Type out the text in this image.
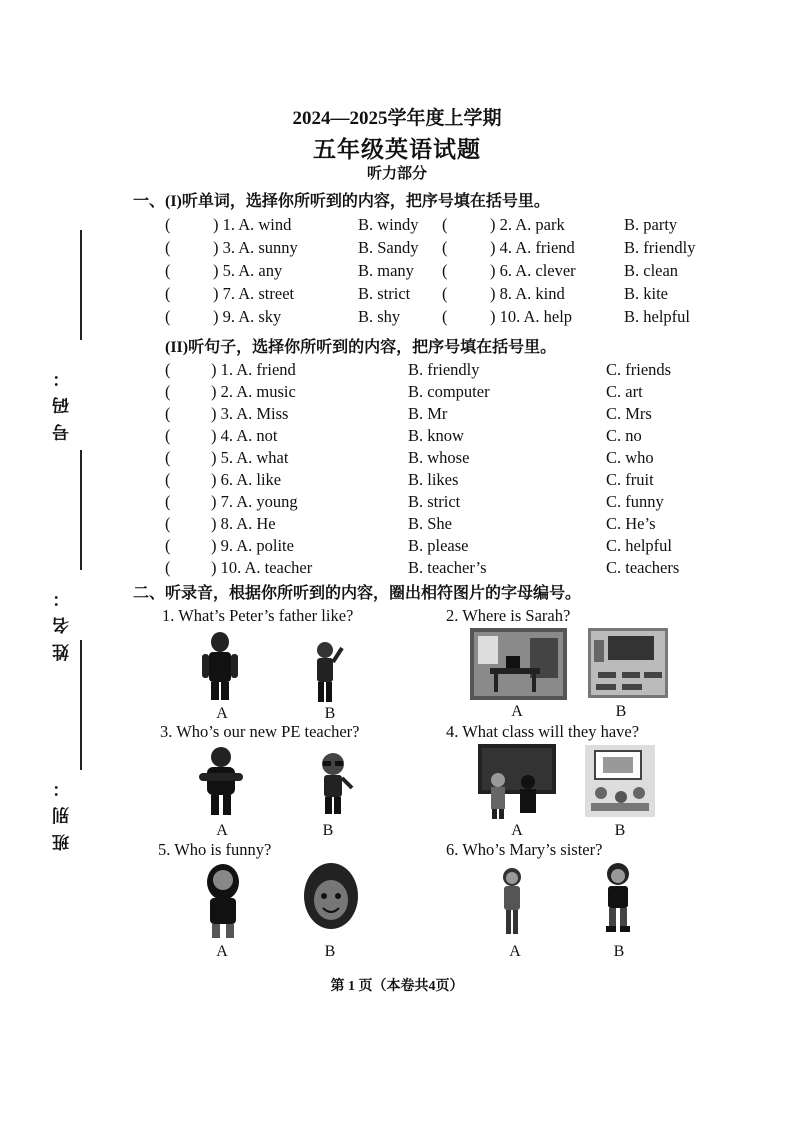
2024—2025学年度上学期
五年级英语试题
听力部分
号码：
姓名：
班别：
一、(I)听单词，选择你所听到的内容，把序号填在括号里。
(	) 1. A. wind	B. windy (	) 2. A. park	B. party
(	) 3. A. sunny	B. Sandy (	) 4. A. friend	B. friendly
(	) 5. A. any	B. many (	) 6. A. clever	B. clean
(	) 7. A. street	B. strict (	) 8. A. kind	B. kite
(	) 9. A. sky	B. shy	(	) 10. A. help	B. helpful
(II)听句子，选择你所听到的内容，把序号填在括号里。
( ) 1. A. friend	B. friendly	C. friends
( ) 2. A. music	B. computer	C. art
( ) 3. A. Miss	B. Mr	C. Mrs
( ) 4. A. not	B. know	C. no
( ) 5. A. what	B. whose	C. who
( ) 6. A. like	B. likes	C. fruit
( ) 7. A. young	B. strict	C. funny
( ) 8. A. He	B. She	C. He’s
( ) 9. A. polite	B. please	C. helpful
( ) 10. A. teacher	B. teacher’s	C. teachers
二、听录音，根据你所听到的内容，圈出相符图片的字母编号。
1. What’s Peter’s father like?
A	B
2. Where is Sarah?
A	B
3. Who’s our new PE teacher?
A	B
4. What class will they have?
A	B
5. Who is funny?
A	B
6. Who’s Mary’s sister?
A	B
第 1 页（本卷共4页）
